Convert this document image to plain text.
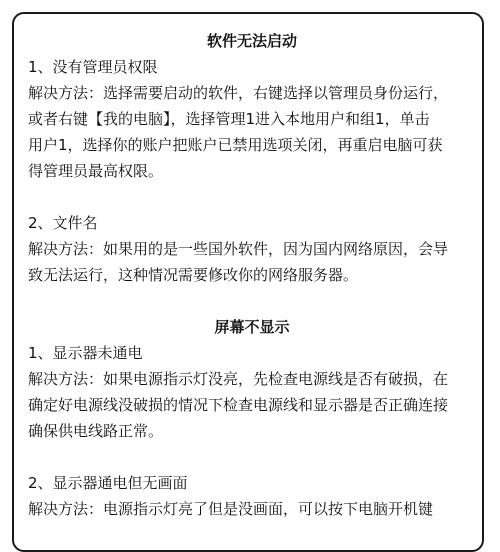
软件无法启动

1、没有管理员权限

解决方法：选择需要启动的软件，右键选择以管理员身份运行，

或者右键【我的电脑】，选择管理1进入本地用户和组1，单击

用户1，选择你的账户把账户已禁用选项关闭，再重启电脑可获

得管理员最高权限。

2、文件名

解决方法：如果用的是一些国外软件，因为国内网络原因，会导

致无法运行，这种情况需要修改你的网络服务器。

屏幕不显示

1、显示器未通电

解决方法：如果电源指示灯没亮，先检查电源线是否有破损，在

确定好电源线没破损的情况下检查电源线和显示器是否正确连接

确保供电线路正常。

2、显示器通电但无画面

解决方法：电源指示灯亮了但是没画面，可以按下电脑开机键
